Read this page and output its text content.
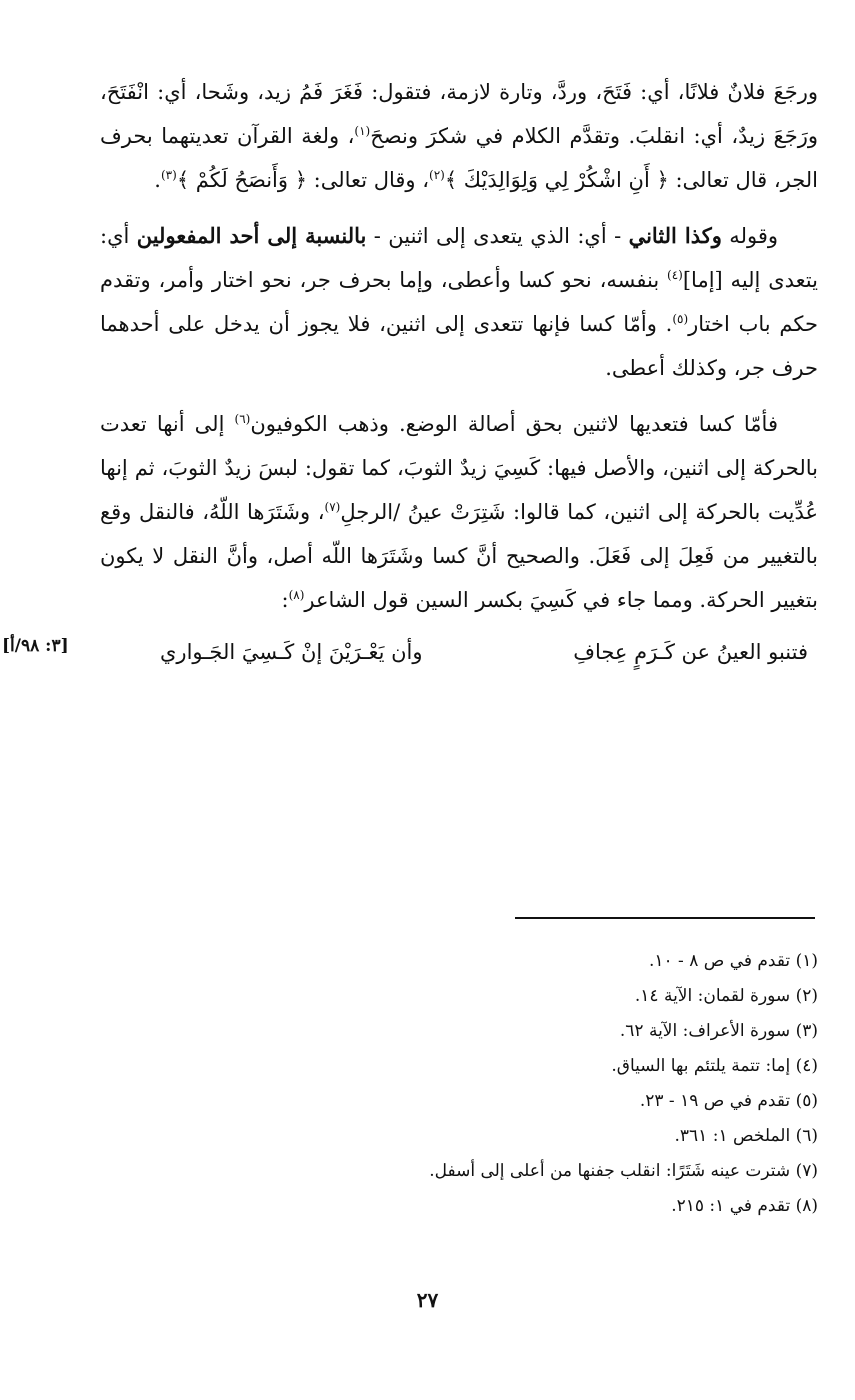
ورجَعَ فلانٌ فلانًا، أي: فَتَحَ، وردَّ، وتارة لازمة، فتقول: فَغَرَ فَمُ زيد، وشَحا، أي: انْفَتَحَ، ورَجَعَ زيدٌ، أي: انقلبَ. وتقدَّم الكلام في شكرَ ونصحَ$^{(١)}$، ولغة القرآن تعديتهما بحرف الجر، قال تعالى: ﴿ أَنِ اشْكُرْ لِي وَلِوَالِدَيْكَ ﴾$^{(٢)}$، وقال تعالى: ﴿ وَأَنصَحُ لَكُمْ ﴾$^{(٣)}$.

وقوله وكذا الثاني - أي: الذي يتعدى إلى اثنين - بالنسبة إلى أحد المفعولين أي: يتعدى إليه [إما]$^{(٤)}$ بنفسه، نحو كسا وأعطى، وإما بحرف جر، نحو اختار وأمر، وتقدم حكم باب اختار$^{(٥)}$. وأمّا كسا فإنها تتعدى إلى اثنين، فلا يجوز أن يدخل على أحدهما حرف جر، وكذلك أعطى.

فأمّا كسا فتعديها لاثنين بحق أصالة الوضع. وذهب الكوفيون$^{(٦)}$ إلى أنها تعدت بالحركة إلى اثنين، والأصل فيها: كَسِيَ زيدٌ الثوبَ، كما تقول: لبسَ زيدٌ الثوبَ، ثم إنها عُدِّيت بالحركة إلى اثنين، كما قالوا: شَتِرَتْ عينُ /الرجلِ$^{(٧)}$، وشَتَرَها اللّهُ، فالنقل وقع بالتغيير من فَعِلَ إلى فَعَلَ. والصحيح أنَّ كسا وشَتَرَها اللّه أصل، وأنَّ النقل لا يكون بتغيير الحركة. ومما جاء في كَسِيَ بكسر السين قول الشاعر$^{(٨)}$:

وأن يَعْـرَيْنَ إنْ كَـسِيَ الجَـواري	فتنبو العينُ عن كَـرَمٍ عِجافِ
[٣: ٩٨/أ]
(١) تقدم في ص ٨ - ١٠.
(٢) سورة لقمان: الآية ١٤.
(٣) سورة الأعراف: الآية ٦٢.
(٤) إما: تتمة يلتئم بها السياق.
(٥) تقدم في ص ١٩ - ٢٣.
(٦) الملخص ١: ٣٦١.
(٧) شترت عينه شَتَرًا: انقلب جفنها من أعلى إلى أسفل.
(٨) تقدم في ١: ٢١٥.
٢٧
